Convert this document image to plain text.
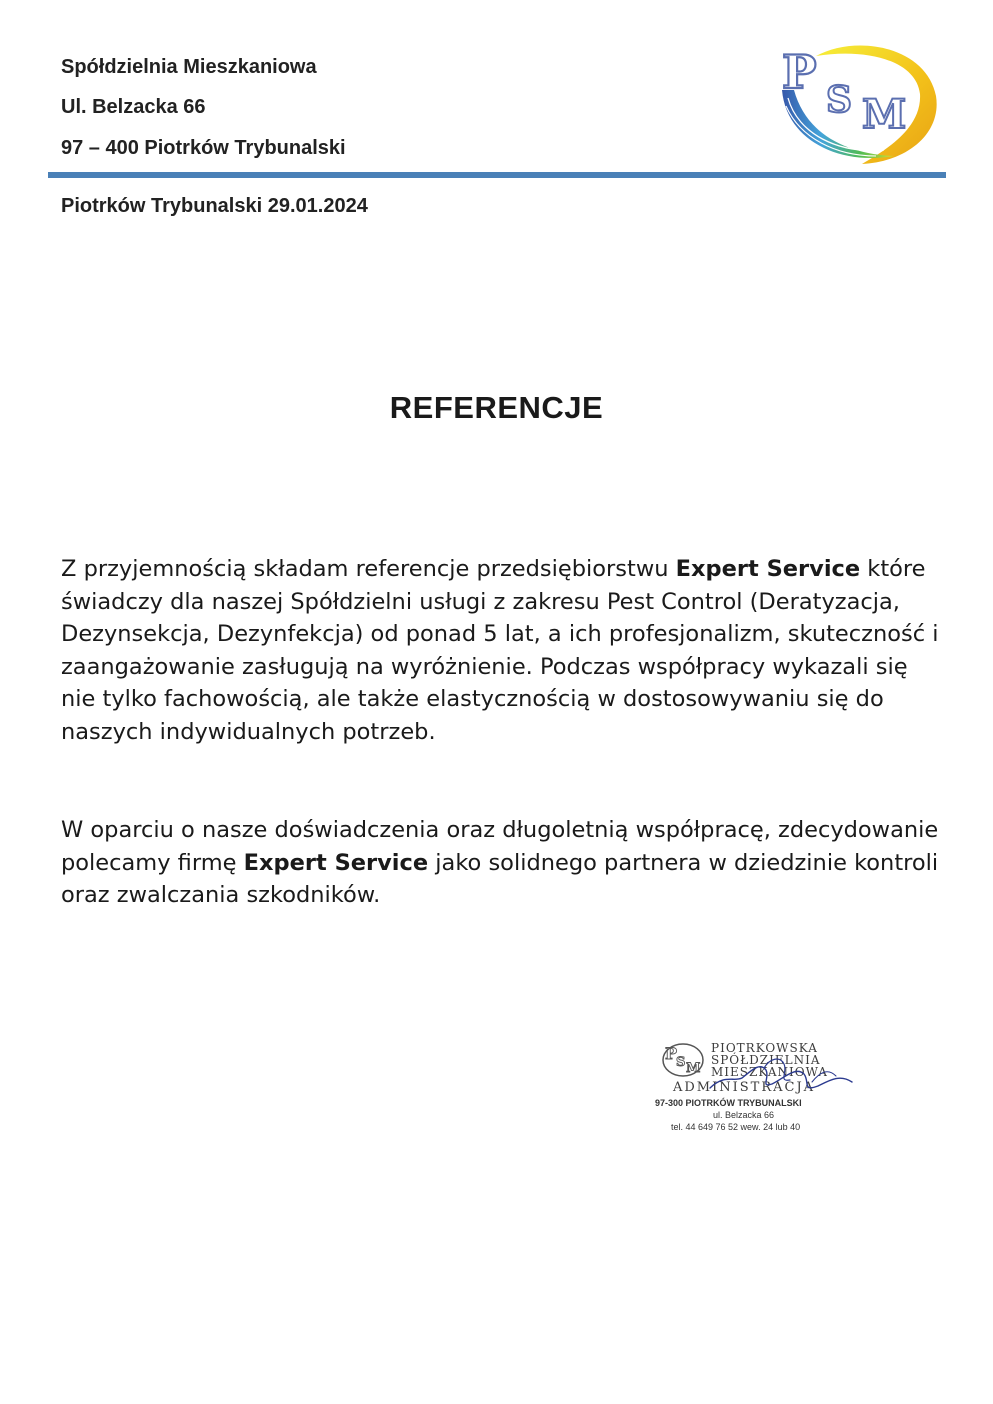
Spółdzielnia Mieszkaniowa
Ul. Belzacka 66
97 – 400 Piotrków Trybunalski
P
S M
Piotrków Trybunalski 29.01.2024
REFERENCJE

Z przyjemnością składam referencje przedsiębiorstwu Expert Service które świadczy dla naszej Spółdzielni usługi z zakresu Pest Control (Deratyzacja, Dezynsekcja, Dezynfekcja) od ponad 5 lat, a ich profesjonalizm, skuteczność i zaangażowanie zasługują na wyróżnienie. Podczas współpracy wykazali się nie tylko fachowością, ale także elastycznością w dostosowywaniu się do naszych indywidualnych potrzeb.

W oparciu o nasze doświadczenia oraz długoletnią współpracę, zdecydowanie polecamy firmę Expert Service jako solidnego partnera w dziedzinie kontroli oraz zwalczania szkodników.

P
S M
PIOTRKOWSKA
SPÓŁDZIELNIA
MIESZKANIOWA
ADMINISTRACJA
97-300 PIOTRKÓW TRYBUNALSKI
ul. Belzacka 66
tel. 44 649 76 52 wew. 24 lub 40
